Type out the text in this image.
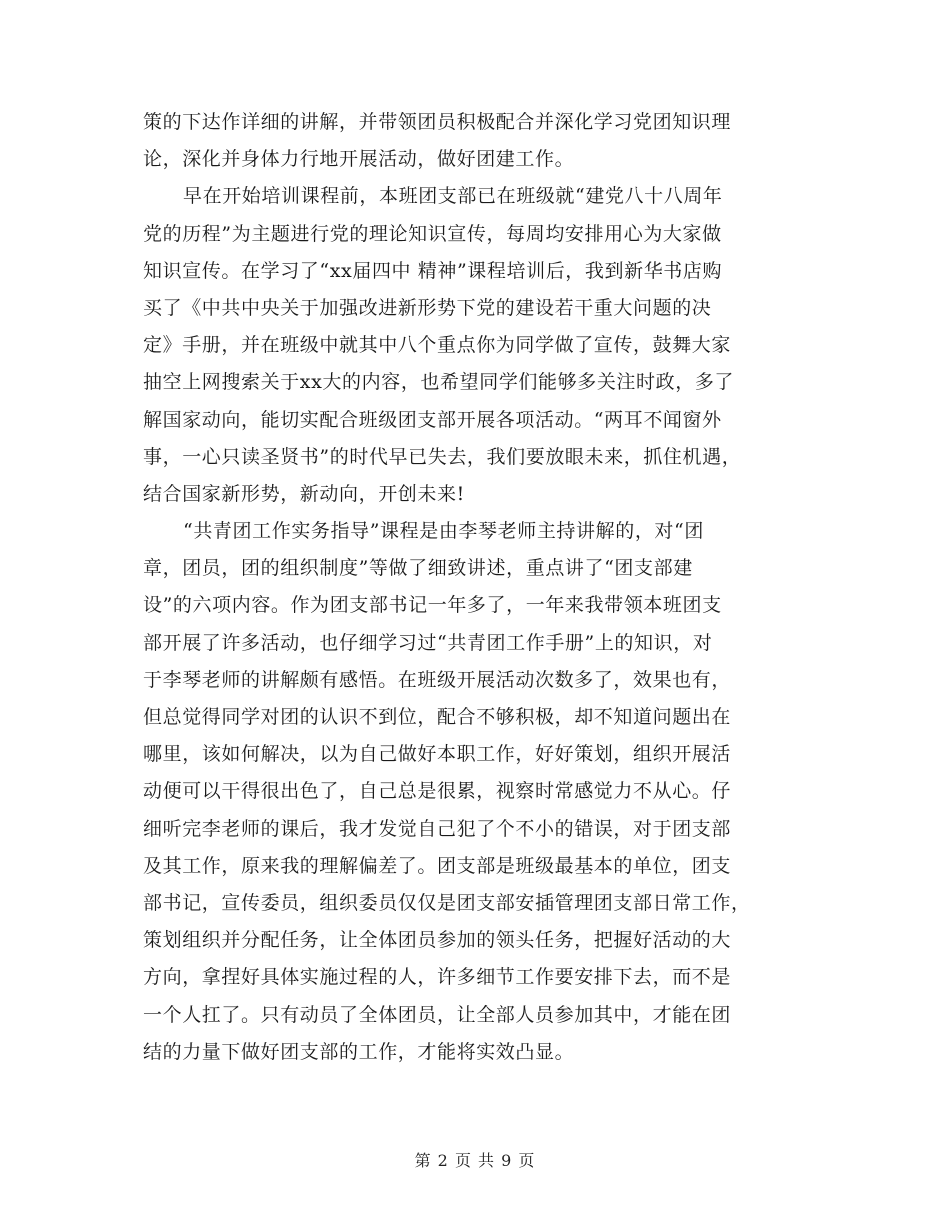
策的下达作详细的讲解，并带领团员积极配合并深化学习党团知识理
论，深化并身体力行地开展活动，做好团建工作。
早在开始培训课程前，本班团支部已在班级就“建党八十八周年
党的历程”为主题进行党的理论知识宣传，每周均安排用心为大家做
知识宣传。在学习了“xx届四中 精神”课程培训后，我到新华书店购
买了《中共中央关于加强改进新形势下党的建设若干重大问题的决
定》手册，并在班级中就其中八个重点你为同学做了宣传，鼓舞大家
抽空上网搜索关于xx大的内容，也希望同学们能够多关注时政，多了
解国家动向，能切实配合班级团支部开展各项活动。“两耳不闻窗外
事，一心只读圣贤书”的时代早已失去，我们要放眼未来，抓住机遇，
结合国家新形势，新动向，开创未来!
“共青团工作实务指导”课程是由李琴老师主持讲解的，对“团
章，团员，团的组织制度”等做了细致讲述，重点讲了“团支部建
设”的六项内容。作为团支部书记一年多了，一年来我带领本班团支
部开展了许多活动，也仔细学习过“共青团工作手册”上的知识，对
于李琴老师的讲解颇有感悟。在班级开展活动次数多了，效果也有，
但总觉得同学对团的认识不到位，配合不够积极，却不知道问题出在
哪里，该如何解决，以为自己做好本职工作，好好策划，组织开展活
动便可以干得很出色了，自己总是很累，视察时常感觉力不从心。仔
细听完李老师的课后，我才发觉自己犯了个不小的错误，对于团支部
及其工作，原来我的理解偏差了。团支部是班级最基本的单位，团支
部书记，宣传委员，组织委员仅仅是团支部安插管理团支部日常工作，
策划组织并分配任务，让全体团员参加的领头任务，把握好活动的大
方向，拿捏好具体实施过程的人，许多细节工作要安排下去，而不是
一个人扛了。只有动员了全体团员，让全部人员参加其中，才能在团
结的力量下做好团支部的工作，才能将实效凸显。
第 2 页 共 9 页
